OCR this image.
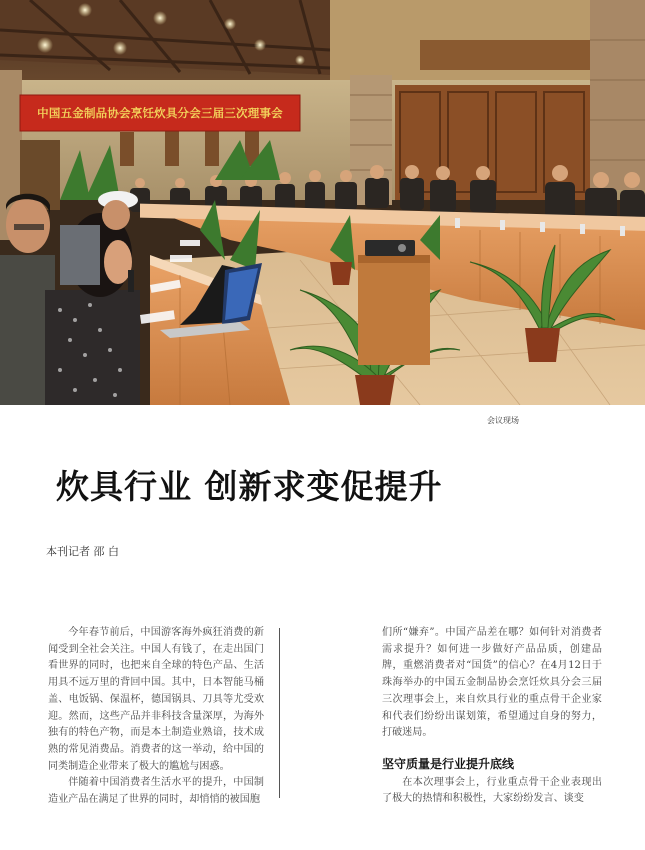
中国五金制品协会烹饪炊具分会三届三次理事会
会议现场
炊具行业 创新求变促提升
本刊记者 邵 白

今年春节前后，中国游客海外疯狂消费的新闻受到全社会关注。中国人有钱了，在走出国门看世界的同时，也把来自全球的特色产品、生活用具不远万里的背回中国。其中，日本智能马桶盖、电饭锅、保温杯，德国锅具、刀具等尤受欢迎。然而，这些产品并非科技含量深厚，为海外独有的特色产物，而是本土制造业熟谙，技术成熟的常见消费品。消费者的这一举动，给中国的同类制造企业带来了极大的尴尬与困惑。

伴随着中国消费者生活水平的提升，中国制造业产品在满足了世界的同时，却悄悄的被国胞

们所“嫌弃”。中国产品差在哪？如何针对消费者需求提升？如何进一步做好产品品质，创建品牌，重燃消费者对“国货”的信心？在4月12日于珠海举办的中国五金制品协会烹饪炊具分会三届三次理事会上，来自炊具行业的重点骨干企业家和代表们纷纷出谋划策，希望通过自身的努力，打破迷局。

坚守质量是行业提升底线

在本次理事会上，行业重点骨干企业表现出了极大的热情和积极性，大家纷纷发言、谈变
